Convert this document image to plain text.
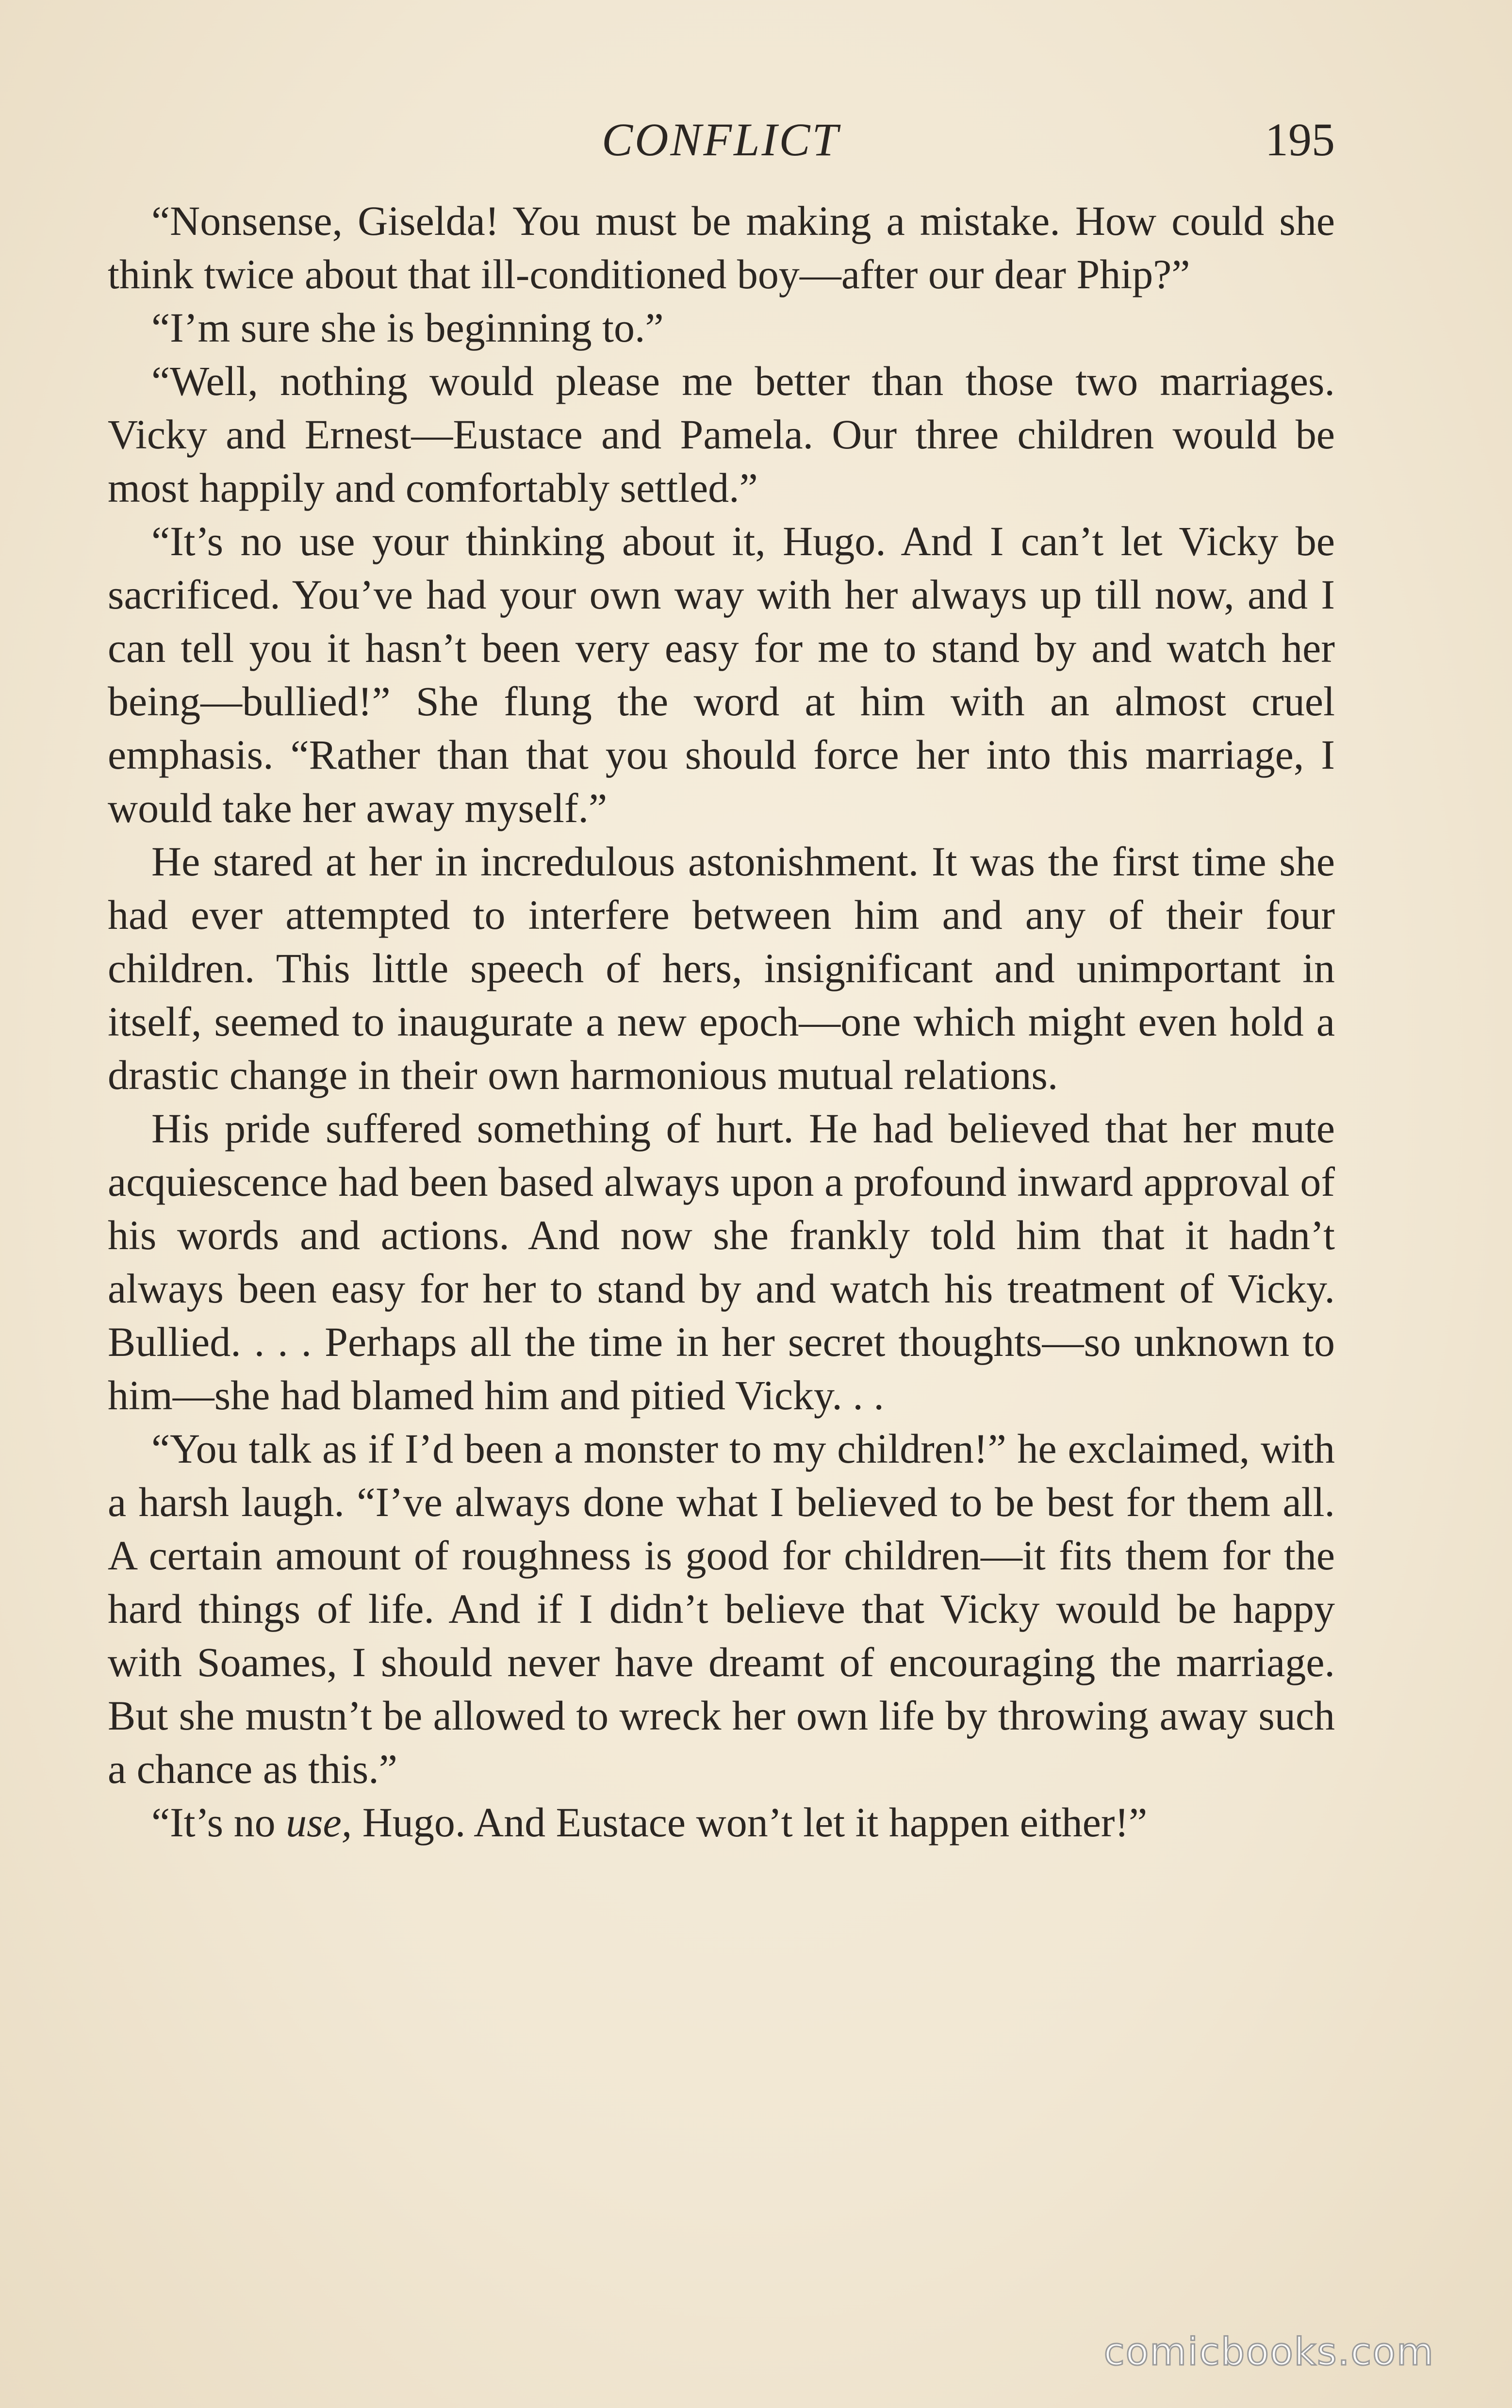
CONFLICT	195

“Nonsense, Giselda! You must be making a mistake. How could she think twice about that ill-conditioned boy—after our dear Phip?”

“I’m sure she is beginning to.”

“Well, nothing would please me better than those two marriages. Vicky and Ernest—Eustace and Pamela. Our three children would be most happily and comfortably settled.”

“It’s no use your thinking about it, Hugo. And I can’t let Vicky be sacrificed. You’ve had your own way with her always up till now, and I can tell you it hasn’t been very easy for me to stand by and watch her being—bullied!” She flung the word at him with an almost cruel emphasis. “Rather than that you should force her into this marriage, I would take her away myself.”

He stared at her in incredulous astonishment. It was the first time she had ever attempted to interfere between him and any of their four children. This little speech of hers, insignificant and unimportant in itself, seemed to inaugurate a new epoch—one which might even hold a drastic change in their own harmonious mutual relations.

His pride suffered something of hurt. He had believed that her mute acquiescence had been based always upon a profound inward approval of his words and actions. And now she frankly told him that it hadn’t always been easy for her to stand by and watch his treatment of Vicky. Bullied. . . . Perhaps all the time in her secret thoughts—so unknown to him—she had blamed him and pitied Vicky. . .

“You talk as if I’d been a monster to my children!” he exclaimed, with a harsh laugh. “I’ve always done what I believed to be best for them all. A certain amount of roughness is good for children—it fits them for the hard things of life. And if I didn’t believe that Vicky would be happy with Soames, I should never have dreamt of encouraging the marriage. But she mustn’t be allowed to wreck her own life by throwing away such a chance as this.”

“It’s no use, Hugo. And Eustace won’t let it happen either!”

comicbooks.com
